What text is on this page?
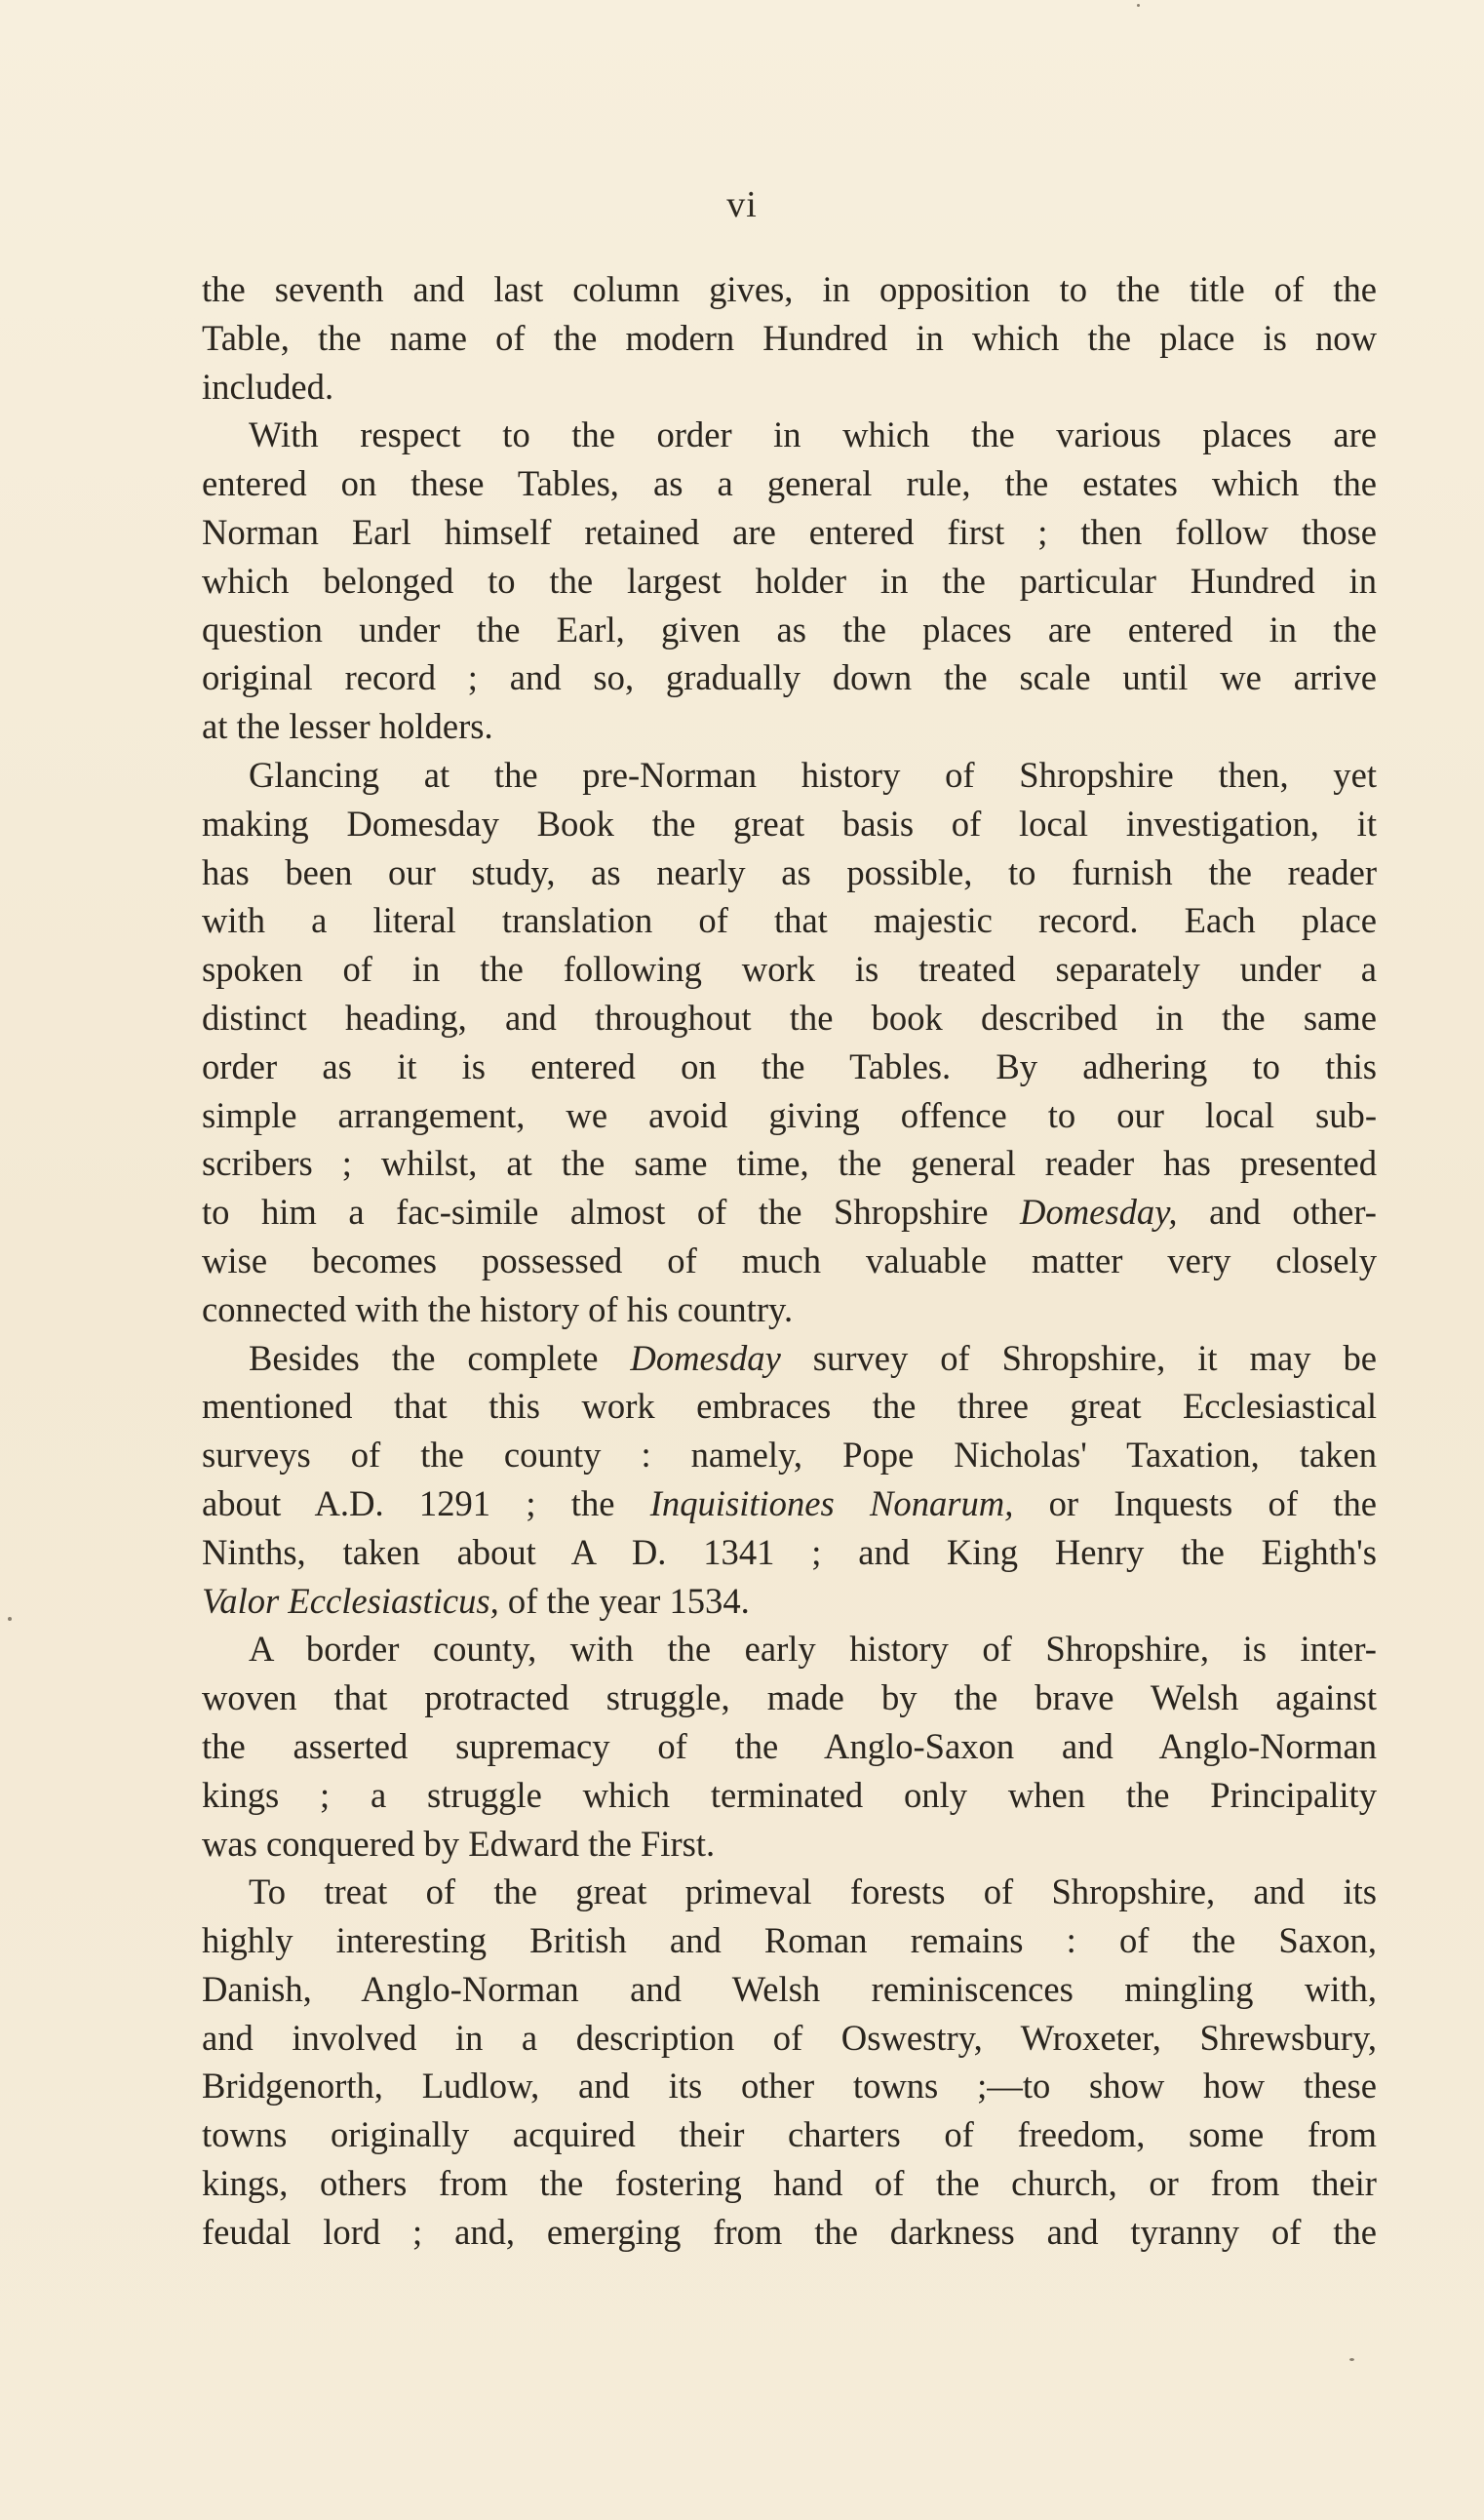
vi
the seventh and last column gives, in opposition to the title of the
Table, the name of the modern Hundred in which the place is now
included.
With respect to the order in which the various places are
entered on these Tables, as a general rule, the estates which the
Norman Earl himself retained are entered first ; then follow those
which belonged to the largest holder in the particular Hundred in
question under the Earl, given as the places are entered in the
original record ; and so, gradually down the scale until we arrive
at the lesser holders.
Glancing at the pre-Norman history of Shropshire then, yet
making Domesday Book the great basis of local investigation, it
has been our study, as nearly as possible, to furnish the reader
with a literal translation of that majestic record. Each place
spoken of in the following work is treated separately under a
distinct heading, and throughout the book described in the same
order as it is entered on the Tables. By adhering to this
simple arrangement, we avoid giving offence to our local sub-
scribers ; whilst, at the same time, the general reader has presented
to him a fac-simile almost of the Shropshire Domesday, and other-
wise becomes possessed of much valuable matter very closely
connected with the history of his country.
Besides the complete Domesday survey of Shropshire, it may be
mentioned that this work embraces the three great Ecclesiastical
surveys of the county : namely, Pope Nicholas' Taxation, taken
about A.D. 1291 ; the Inquisitiones Nonarum, or Inquests of the
Ninths, taken about A D. 1341 ; and King Henry the Eighth's
Valor Ecclesiasticus, of the year 1534.
A border county, with the early history of Shropshire, is inter-
woven that protracted struggle, made by the brave Welsh against
the asserted supremacy of the Anglo-Saxon and Anglo-Norman
kings ; a struggle which terminated only when the Principality
was conquered by Edward the First.
To treat of the great primeval forests of Shropshire, and its
highly interesting British and Roman remains : of the Saxon,
Danish, Anglo-Norman and Welsh reminiscences mingling with,
and involved in a description of Oswestry, Wroxeter, Shrewsbury,
Bridgenorth, Ludlow, and its other towns ;—to show how these
towns originally acquired their charters of freedom, some from
kings, others from the fostering hand of the church, or from their
feudal lord ; and, emerging from the darkness and tyranny of the
